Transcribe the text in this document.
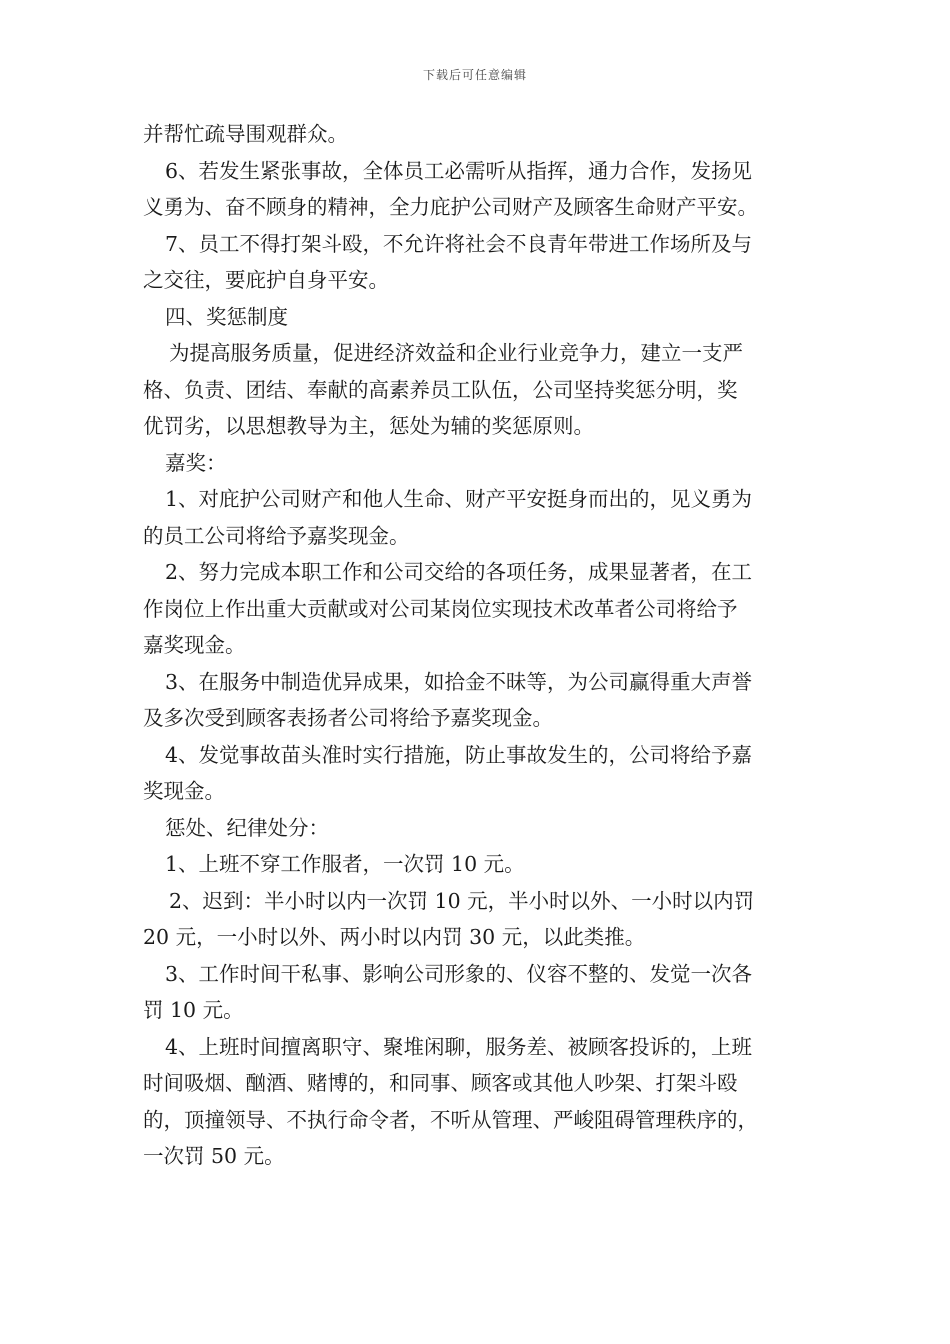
下载后可任意编辑
并帮忙疏导围观群众。
6、若发生紧张事故，全体员工必需听从指挥，通力合作，发扬见
义勇为、奋不顾身的精神，全力庇护公司财产及顾客生命财产平安。
7、员工不得打架斗殴，不允许将社会不良青年带进工作场所及与
之交往，要庇护自身平安。
四、奖惩制度
为提高服务质量，促进经济效益和企业行业竞争力，建立一支严
格、负责、团结、奉献的高素养员工队伍，公司坚持奖惩分明，奖
优罚劣，以思想教导为主，惩处为辅的奖惩原则。
嘉奖：
1、对庇护公司财产和他人生命、财产平安挺身而出的，见义勇为
的员工公司将给予嘉奖现金。
2、努力完成本职工作和公司交给的各项任务，成果显著者，在工
作岗位上作出重大贡献或对公司某岗位实现技术改革者公司将给予
嘉奖现金。
3、在服务中制造优异成果，如拾金不昧等，为公司赢得重大声誉
及多次受到顾客表扬者公司将给予嘉奖现金。
4、发觉事故苗头准时实行措施，防止事故发生的，公司将给予嘉
奖现金。
惩处、纪律处分：
1、上班不穿工作服者，一次罚 10 元。
2、迟到：半小时以内一次罚 10 元，半小时以外、一小时以内罚
20 元，一小时以外、两小时以内罚 30 元，以此类推。
3、工作时间干私事、影响公司形象的、仪容不整的、发觉一次各
罚 10 元。
4、上班时间擅离职守、聚堆闲聊，服务差、被顾客投诉的，上班
时间吸烟、酗酒、赌博的，和同事、顾客或其他人吵架、打架斗殴
的，顶撞领导、不执行命令者，不听从管理、严峻阻碍管理秩序的，
一次罚 50 元。
